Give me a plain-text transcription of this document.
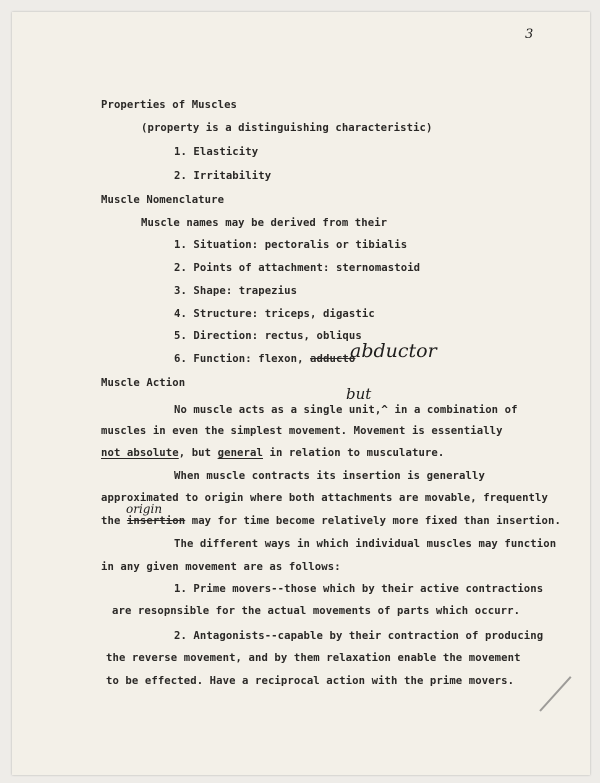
3
Properties of Muscles
(property is a distinguishing characteristic)
1. Elasticity
2. Irritability
Muscle Nomenclature
Muscle names may be derived from their
1. Situation: pectoralis or tibialis
2. Points of attachment: sternomastoid
3. Shape: trapezius
4. Structure: triceps, digastic
5. Direction: rectus, obliqus
6. Function: flexon, adducto
abductor
Muscle Action
but
No muscle acts as a single unit,^ in a combination of
muscles in even the simplest movement. Movement is essentially
not absolute, but general in relation to musculature.
When muscle contracts its insertion is generally
approximated to origin where both attachments are movable, frequently
origin
the insertion may for time become relatively more fixed than insertion.
The different ways in which individual muscles may function
in any given movement are as follows:
1. Prime movers--those which by their active contractions
are resopnsible for the actual movements of parts which occurr.
2. Antagonists--capable by their contraction of producing
the reverse movement, and by them relaxation enable the movement
to be effected. Have a reciprocal action with the prime movers.
